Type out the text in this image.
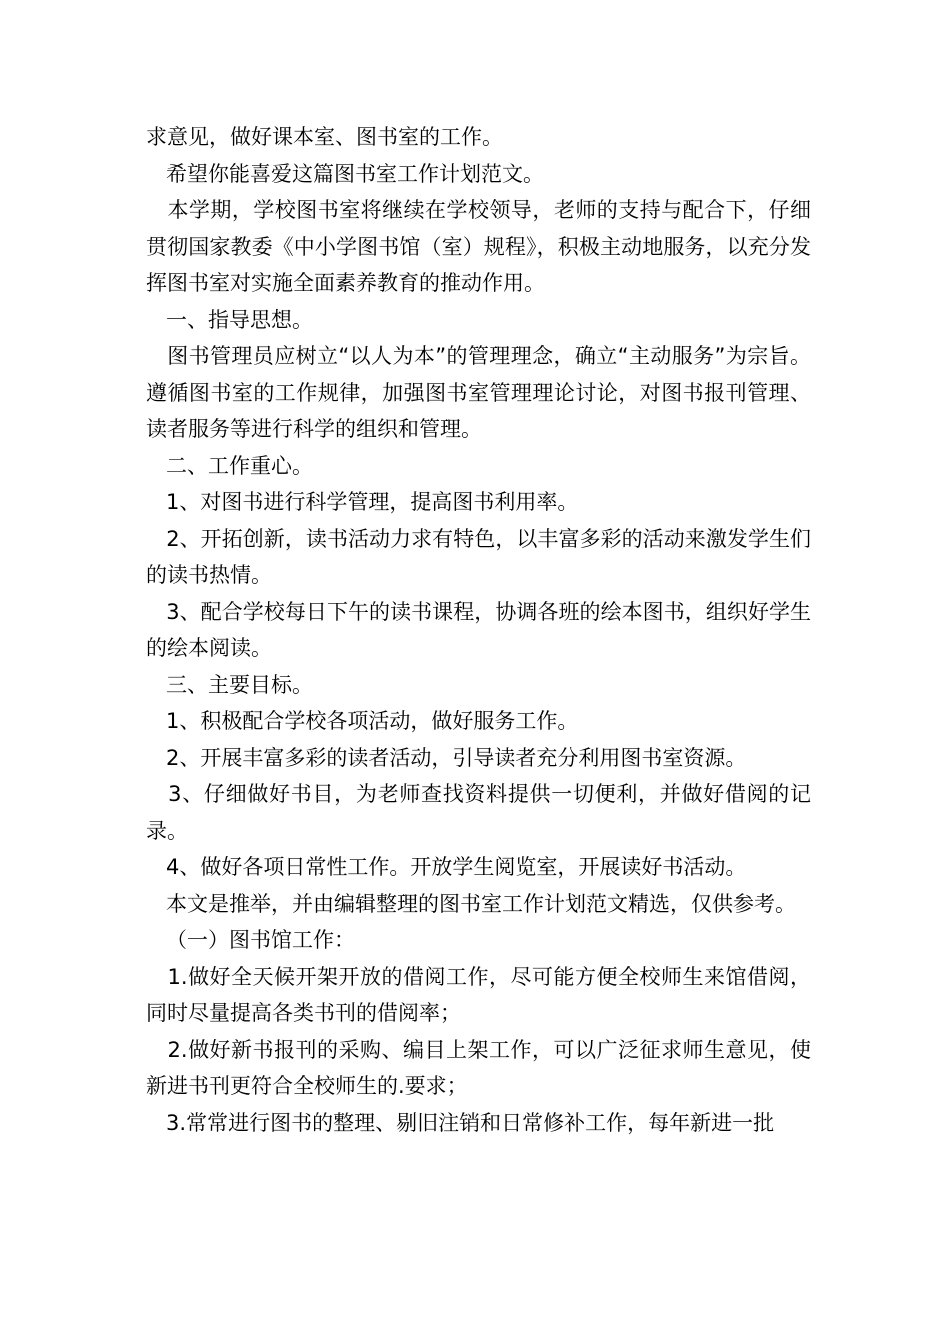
求意见，做好课本室、图书室的工作。

希望你能喜爱这篇图书室工作计划范文。

本学期，学校图书室将继续在学校领导，老师的支持与配合下，仔细贯彻国家教委《中小学图书馆（室）规程》，积极主动地服务，以充分发挥图书室对实施全面素养教育的推动作用。

一、指导思想。

图书管理员应树立“以人为本”的管理理念，确立“主动服务”为宗旨。遵循图书室的工作规律，加强图书室管理理论讨论，对图书报刊管理、读者服务等进行科学的组织和管理。

二、工作重心。

1、对图书进行科学管理，提高图书利用率。

2、开拓创新，读书活动力求有特色，以丰富多彩的活动来激发学生们的读书热情。

3、配合学校每日下午的读书课程，协调各班的绘本图书，组织好学生的绘本阅读。

三、主要目标。

1、积极配合学校各项活动，做好服务工作。

2、开展丰富多彩的读者活动，引导读者充分利用图书室资源。

3、仔细做好书目，为老师查找资料提供一切便利，并做好借阅的记录。

4、做好各项日常性工作。开放学生阅览室，开展读好书活动。

本文是推举，并由编辑整理的图书室工作计划范文精选，仅供参考。

（一）图书馆工作：

1.做好全天候开架开放的借阅工作，尽可能方便全校师生来馆借阅，同时尽量提高各类书刊的借阅率；

2.做好新书报刊的采购、编目上架工作，可以广泛征求师生意见，使新进书刊更符合全校师生的.要求；

3.常常进行图书的整理、剔旧注销和日常修补工作，每年新进一批
